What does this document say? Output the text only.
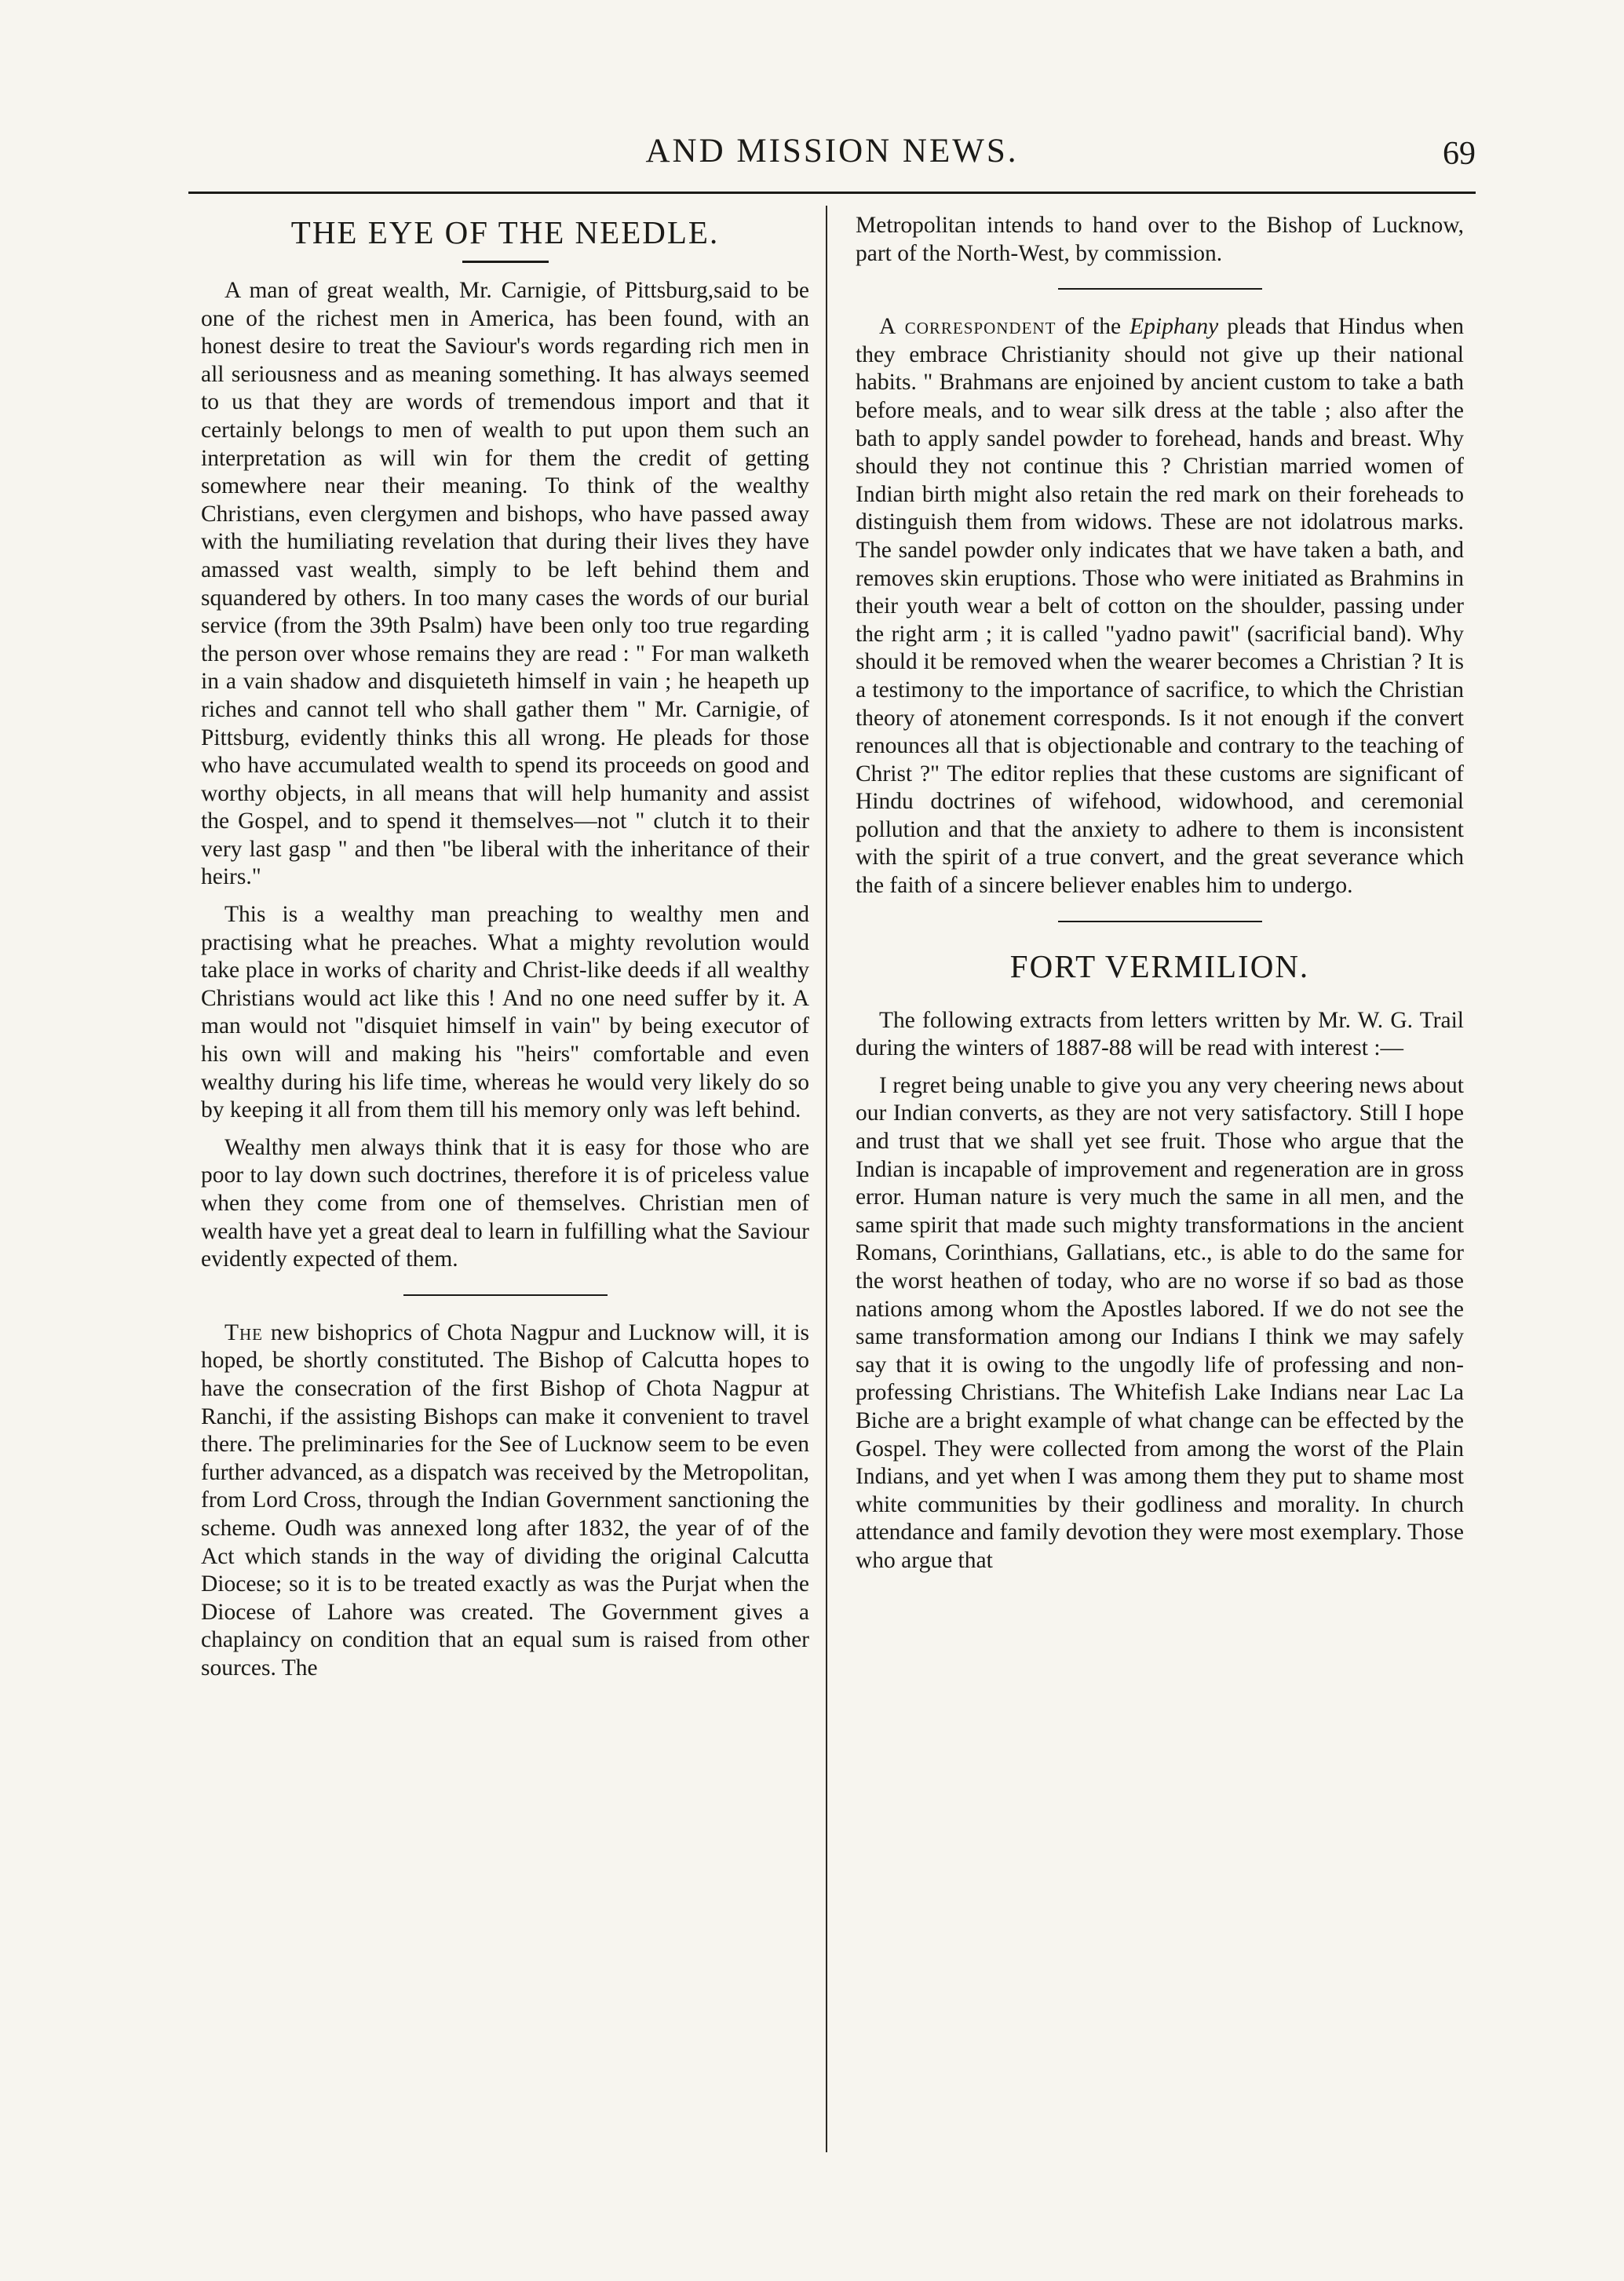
AND MISSION NEWS.	69
THE EYE OF THE NEEDLE.

A man of great wealth, Mr. Carnigie, of Pittsburg,said to be one of the richest men in America, has been found, with an honest desire to treat the Saviour's words regarding rich men in all seriousness and as meaning something. It has always seemed to us that they are words of tremendous import and that it certainly belongs to men of wealth to put upon them such an interpretation as will win for them the credit of getting somewhere near their meaning. To think of the wealthy Christians, even clergymen and bishops, who have passed away with the humiliating revelation that during their lives they have amassed vast wealth, simply to be left behind them and squandered by others. In too many cases the words of our burial service (from the 39th Psalm) have been only too true regarding the person over whose remains they are read : " For man walketh in a vain shadow and disquieteth himself in vain ; he heapeth up riches and cannot tell who shall gather them " Mr. Carnigie, of Pittsburg, evidently thinks this all wrong. He pleads for those who have accumulated wealth to spend its proceeds on good and worthy objects, in all means that will help humanity and assist the Gospel, and to spend it themselves—not " clutch it to their very last gasp " and then "be liberal with the inheritance of their heirs."

This is a wealthy man preaching to wealthy men and practising what he preaches. What a mighty revolution would take place in works of charity and Christ-like deeds if all wealthy Christians would act like this ! And no one need suffer by it. A man would not "disquiet himself in vain" by being executor of his own will and making his "heirs" comfortable and even wealthy during his life time, whereas he would very likely do so by keeping it all from them till his memory only was left behind.

Wealthy men always think that it is easy for those who are poor to lay down such doctrines, therefore it is of priceless value when they come from one of themselves. Christian men of wealth have yet a great deal to learn in fulfilling what the Saviour evidently expected of them.

The new bishoprics of Chota Nagpur and Lucknow will, it is hoped, be shortly constituted. The Bishop of Calcutta hopes to have the consecration of the first Bishop of Chota Nagpur at Ranchi, if the assisting Bishops can make it convenient to travel there. The preliminaries for the See of Lucknow seem to be even further advanced, as a dispatch was received by the Metropolitan, from Lord Cross, through the Indian Government sanctioning the scheme. Oudh was annexed long after 1832, the year of of the Act which stands in the way of dividing the original Calcutta Diocese; so it is to be treated exactly as was the Purjat when the Diocese of Lahore was created. The Government gives a chaplaincy on condition that an equal sum is raised from other sources. The

Metropolitan intends to hand over to the Bishop of Lucknow, part of the North-West, by commission.

A correspondent of the Epiphany pleads that Hindus when they embrace Christianity should not give up their national habits. " Brahmans are enjoined by ancient custom to take a bath before meals, and to wear silk dress at the table ; also after the bath to apply sandel powder to forehead, hands and breast. Why should they not continue this ? Christian married women of Indian birth might also retain the red mark on their foreheads to distinguish them from widows. These are not idolatrous marks. The sandel powder only indicates that we have taken a bath, and removes skin eruptions. Those who were initiated as Brahmins in their youth wear a belt of cotton on the shoulder, passing under the right arm ; it is called "yadno pawit" (sacrificial band). Why should it be removed when the wearer becomes a Christian ? It is a testimony to the importance of sacrifice, to which the Christian theory of atonement corresponds. Is it not enough if the convert renounces all that is objectionable and contrary to the teaching of Christ ?" The editor replies that these customs are significant of Hindu doctrines of wifehood, widowhood, and ceremonial pollution and that the anxiety to adhere to them is inconsistent with the spirit of a true convert, and the great severance which the faith of a sincere believer enables him to undergo.

FORT VERMILION.

The following extracts from letters written by Mr. W. G. Trail during the winters of 1887-88 will be read with interest :—

I regret being unable to give you any very cheering news about our Indian converts, as they are not very satisfactory. Still I hope and trust that we shall yet see fruit. Those who argue that the Indian is incapable of improvement and regeneration are in gross error. Human nature is very much the same in all men, and the same spirit that made such mighty transformations in the ancient Romans, Corinthians, Gallatians, etc., is able to do the same for the worst heathen of today, who are no worse if so bad as those nations among whom the Apostles labored. If we do not see the same transformation among our Indians I think we may safely say that it is owing to the ungodly life of professing and non-professing Christians. The Whitefish Lake Indians near Lac La Biche are a bright example of what change can be effected by the Gospel. They were collected from among the worst of the Plain Indians, and yet when I was among them they put to shame most white communities by their godliness and morality. In church attendance and family devotion they were most exemplary. Those who argue that
